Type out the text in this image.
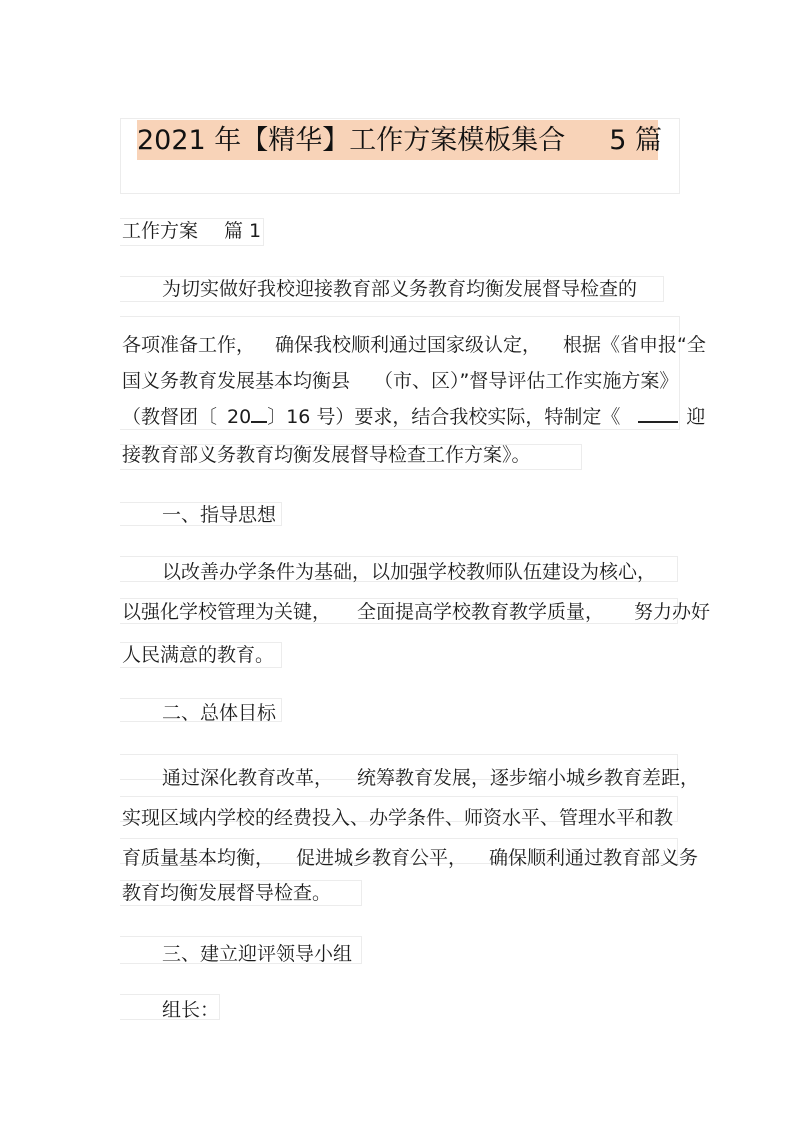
2021 年【精华】工作方案模板集合 5 篇
工作方案 篇 1
为切实做好我校迎接教育部义务教育均衡发展督导检查的
各项准备工作， 确保我校顺利通过国家级认定， 根据《省申报“全
国义务教育发展基本均衡县 （市、区）”督导评估工作实施方案》
（教督团〔 20 〕16 号）要求，结合我校实际，特制定《	迎
接教育部义务教育均衡发展督导检查工作方案》。
一、指导思想
以改善办学条件为基础，以加强学校教师队伍建设为核心，
以强化学校管理为关键， 全面提高学校教育教学质量， 努力办好
人民满意的教育。
二、总体目标
通过深化教育改革， 统筹教育发展，逐步缩小城乡教育差距，
实现区域内学校的经费投入、办学条件、师资水平、管理水平和教
育质量基本均衡， 促进城乡教育公平， 确保顺利通过教育部义务
教育均衡发展督导检查。
三、建立迎评领导小组
组长：
